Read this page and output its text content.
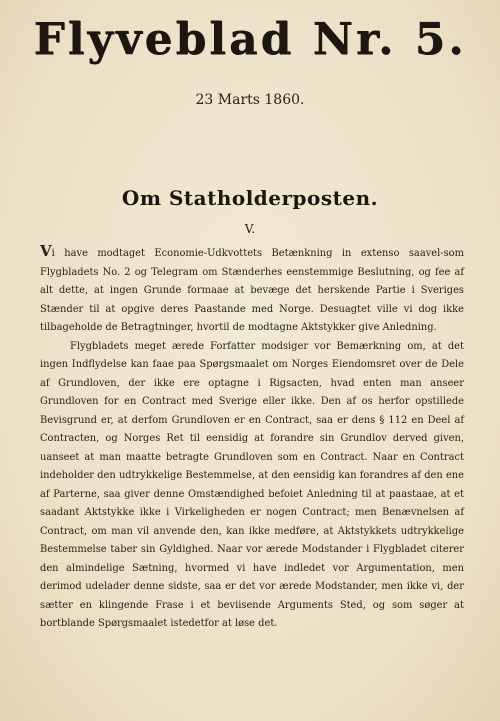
Flyveblad Nr. 5.
23 Marts 1860.
Om Statholderposten.
V.

Vi have modtaget Economie-Udkvottets Betænkning in extenso saavel-som Flygbladets No. 2 og Telegram om Stænderhes eenstemmige Beslutning, og fee af alt dette, at ingen Grunde formaae at bevæge det herskende Partie i Sveriges Stænder til at opgive deres Paastande med Norge. Desuagtet ville vi dog ikke tilbageholde de Betragtninger, hvortil de modtagne Aktstykker give Anledning.

Flygbladets meget ærede Forfatter modsiger vor Bemærkning om, at det ingen Indflydelse kan faae paa Spørgsmaalet om Norges Eiendomsret over de Dele af Grundloven, der ikke ere optagne i Rigsacten, hvad enten man anseer Grundloven for en Contract med Sverige eller ikke. Den af os herfor opstillede Bevisgrund er, at derfom Grundloven er en Contract, saa er dens § 112 en Deel af Contracten, og Norges Ret til eensidig at forandre sin Grundlov derved given, uanseet at man maatte betragte Grundloven som en Contract. Naar en Contract indeholder den udtrykkelige Bestemmelse, at den eensidig kan forandres af den ene af Parterne, saa giver denne Omstændighed befoiet Anledning til at paastaae, at et saadant Aktstykke ikke i Virkeligheden er nogen Contract; men Benævnelsen af Contract, om man vil anvende den, kan ikke medføre, at Aktstykkets udtrykkelige Bestemmelse taber sin Gyldighed. Naar vor ærede Modstander i Flygbladet citerer den almindelige Sætning, hvormed vi have indledet vor Argumentation, men derimod udelader denne sidste, saa er det vor ærede Modstander, men ikke vi, der sætter en klingende Frase i et beviisende Arguments Sted, og som søger at bortblande Spørgsmaalet istedetfor at løse det.
